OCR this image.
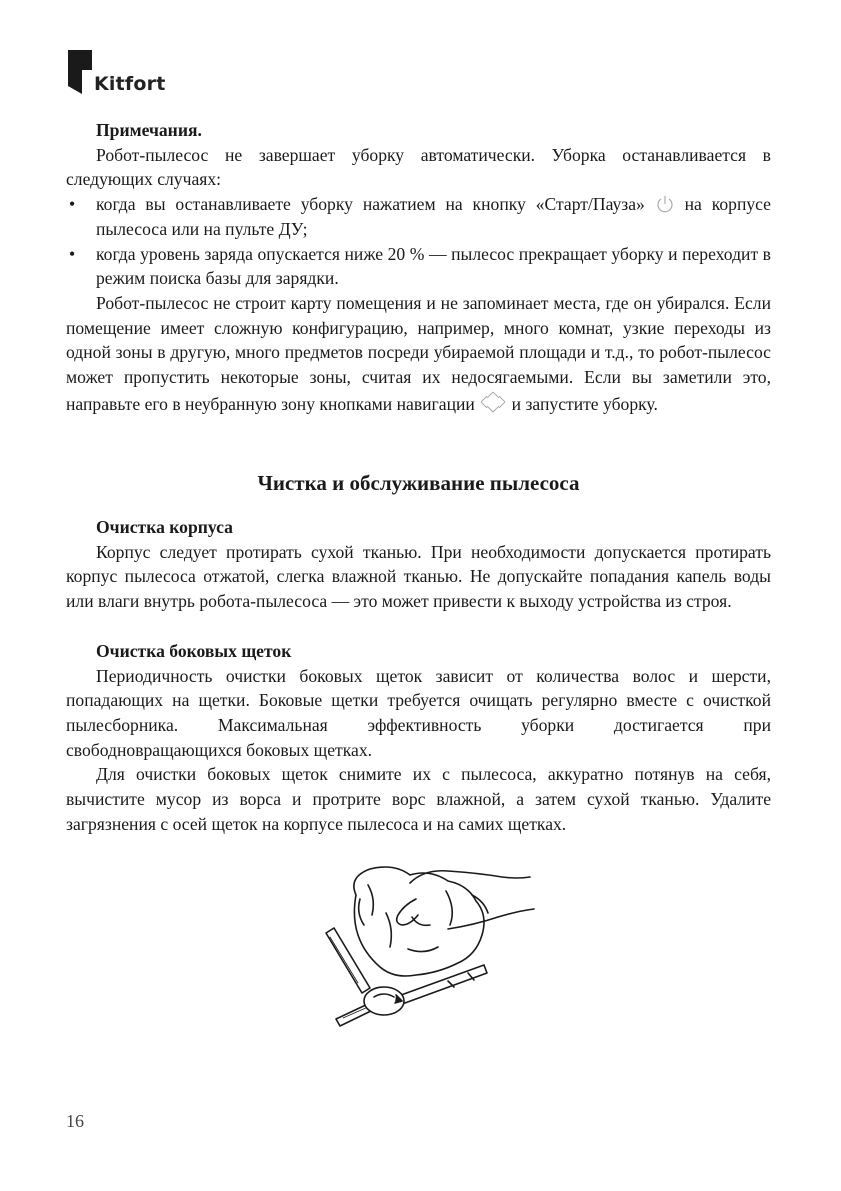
Kitfort

Примечания.

Робот-пылесос не завершает уборку автоматически. Уборка останавливается в следующих случаях:

• когда вы останавливаете уборку нажатием на кнопку «Старт/Пауза» на корпусе пылесоса или на пульте ДУ;
• когда уровень заряда опускается ниже 20 % — пылесос прекращает уборку и переходит в режим поиска базы для зарядки.

Робот-пылесос не строит карту помещения и не запоминает места, где он убирался. Если помещение имеет сложную конфигурацию, например, много комнат, узкие переходы из одной зоны в другую, много предметов посреди убираемой площади и т.д., то робот-пылесос может пропустить некоторые зоны, считая их недосягаемыми. Если вы заметили это, направьте его в неубранную зону кнопками навигации и запустите уборку.

Чистка и обслуживание пылесоса

Очистка корпуса

Корпус следует протирать сухой тканью. При необходимости допускается протирать корпус пылесоса отжатой, слегка влажной тканью. Не допускайте попадания капель воды или влаги внутрь робота-пылесоса — это может привести к выходу устройства из строя.

Очистка боковых щеток

Периодичность очистки боковых щеток зависит от количества волос и шерсти, попадающих на щетки. Боковые щетки требуется очищать регулярно вместе с очисткой пылесборника. Максимальная эффективность уборки достигается при свободновращающихся боковых щетках.

Для очистки боковых щеток снимите их с пылесоса, аккуратно потянув на себя, вычистите мусор из ворса и протрите ворс влажной, а затем сухой тканью. Удалите загрязнения с осей щеток на корпусе пылесоса и на самих щетках.

16
